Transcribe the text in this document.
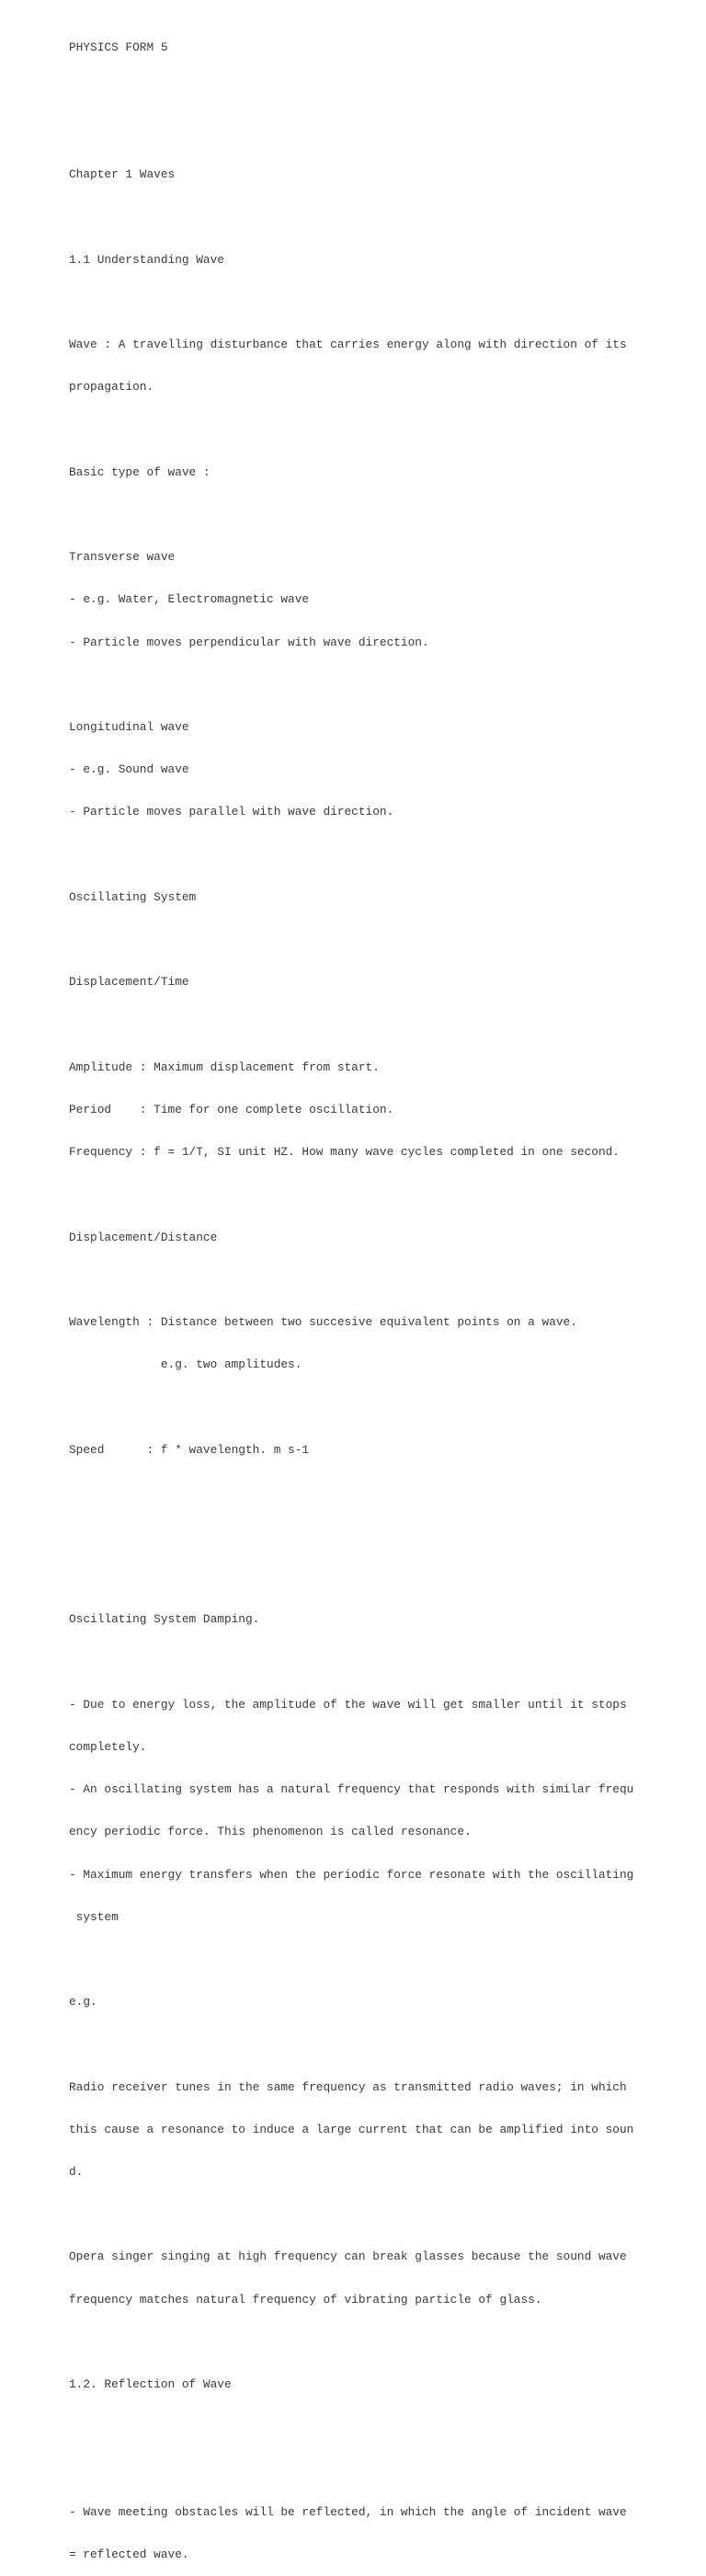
PHYSICS FORM 5

Chapter 1 Waves

1.1 Understanding Wave

Wave : A travelling disturbance that carries energy along with direction of its

propagation.

Basic type of wave :

Transverse wave

- e.g. Water, Electromagnetic wave

- Particle moves perpendicular with wave direction.

Longitudinal wave

- e.g. Sound wave

- Particle moves parallel with wave direction.

Oscillating System

Displacement/Time

Amplitude : Maximum displacement from start.

Period    : Time for one complete oscillation.

Frequency : f = 1/T, SI unit HZ. How many wave cycles completed in one second.

Displacement/Distance

Wavelength : Distance between two succesive equivalent points on a wave.

e.g. two amplitudes.

Speed      : f * wavelength. m s-1

Oscillating System Damping.

- Due to energy loss, the amplitude of the wave will get smaller until it stops

completely.

- An oscillating system has a natural frequency that responds with similar frequ

ency periodic force. This phenomenon is called resonance.

- Maximum energy transfers when the periodic force resonate with the oscillating

system

e.g.

Radio receiver tunes in the same frequency as transmitted radio waves; in which

this cause a resonance to induce a large current that can be amplified into soun

d.

Opera singer singing at high frequency can break glasses because the sound wave

frequency matches natural frequency of vibrating particle of glass.

1.2. Reflection of Wave

- Wave meeting obstacles will be reflected, in which the angle of incident wave

= reflected wave.
